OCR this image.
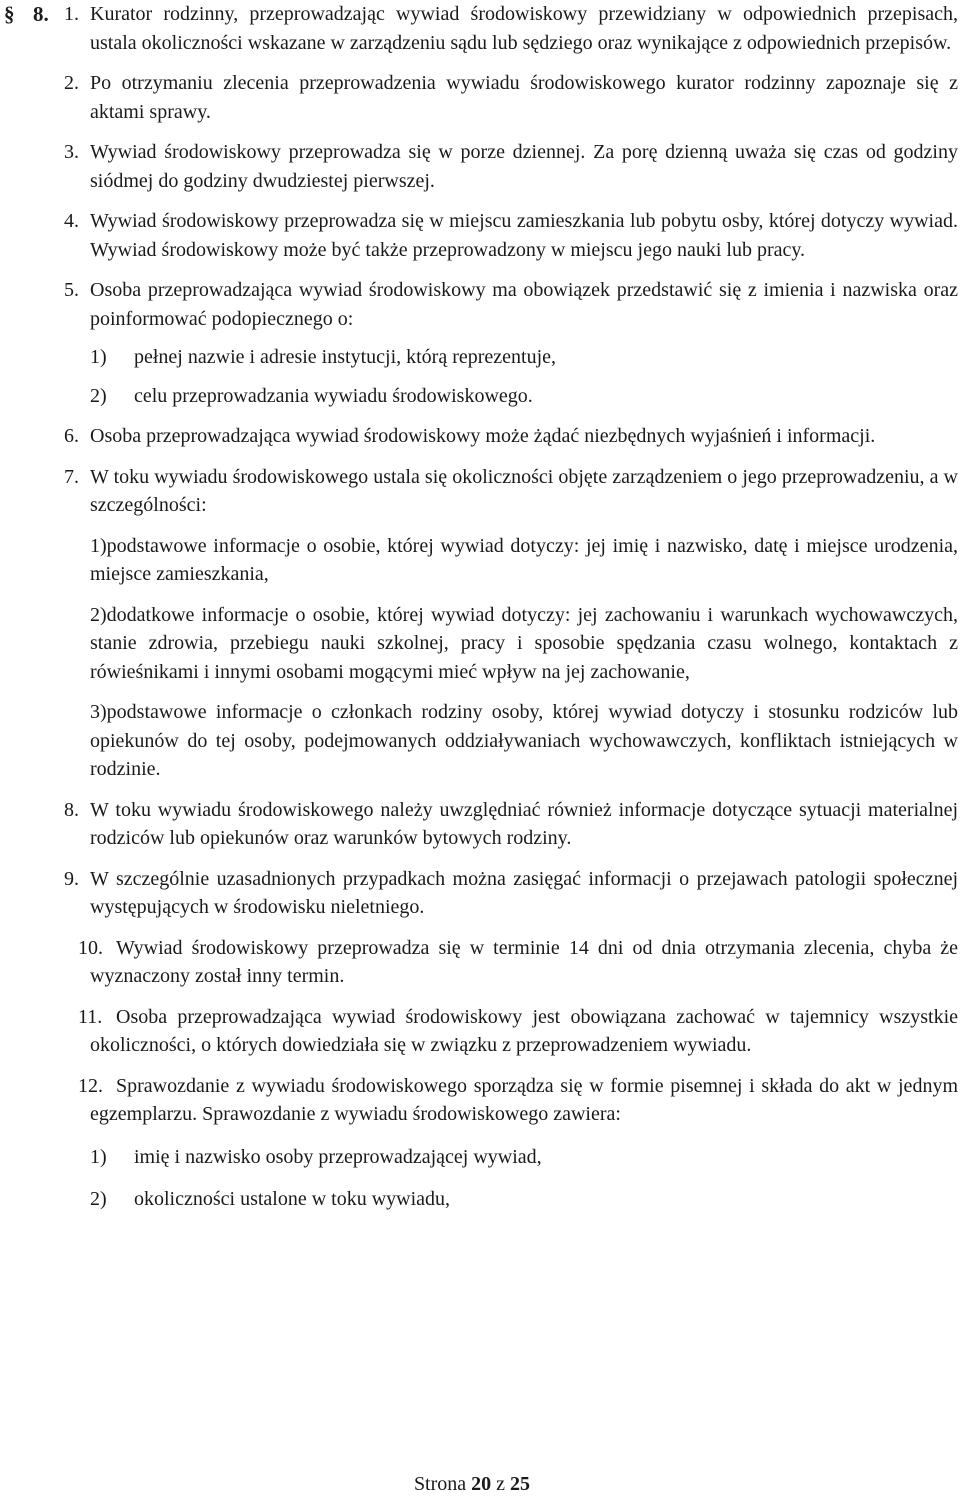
§ 8. 1. Kurator rodzinny, przeprowadzając wywiad środowiskowy przewidziany w odpowiednich przepisach, ustala okoliczności wskazane w zarządzeniu sądu lub sędziego oraz wynikające z odpowiednich przepisów.
2. Po otrzymaniu zlecenia przeprowadzenia wywiadu środowiskowego kurator rodzinny zapoznaje się z aktami sprawy.
3. Wywiad środowiskowy przeprowadza się w porze dziennej. Za porę dzienną uważa się czas od godziny siódmej do godziny dwudziestej pierwszej.
4. Wywiad środowiskowy przeprowadza się w miejscu zamieszkania lub pobytu osby, której dotyczy wywiad. Wywiad środowiskowy może być także przeprowadzony w miejscu jego nauki lub pracy.
5. Osoba przeprowadzająca wywiad środowiskowy ma obowiązek przedstawić się z imienia i nazwiska oraz poinformować podopiecznego o:
1) pełnej nazwie i adresie instytucji, którą reprezentuje,
2) celu przeprowadzania wywiadu środowiskowego.
6. Osoba przeprowadzająca wywiad środowiskowy może żądać niezbędnych wyjaśnień i informacji.
7. W toku wywiadu środowiskowego ustala się okoliczności objęte zarządzeniem o jego przeprowadzeniu, a w szczególności:

1)podstawowe informacje o osobie, której wywiad dotyczy: jej imię i nazwisko, datę i miejsce urodzenia, miejsce zamieszkania,

2)dodatkowe informacje o osobie, której wywiad dotyczy: jej zachowaniu i warunkach wychowawczych, stanie zdrowia, przebiegu nauki szkolnej, pracy i sposobie spędzania czasu wolnego, kontaktach z rówieśnikami i innymi osobami mogącymi mieć wpływ na jej zachowanie,

3)podstawowe informacje o członkach rodziny osoby, której wywiad dotyczy i stosunku rodziców lub opiekunów do tej osoby, podejmowanych oddziaływaniach wychowawczych, konfliktach istniejących w rodzinie.

8. W toku wywiadu środowiskowego należy uwzględniać również informacje dotyczące sytuacji materialnej rodziców lub opiekunów oraz warunków bytowych rodziny.
9. W szczególnie uzasadnionych przypadkach można zasięgać informacji o przejawach patologii społecznej występujących w środowisku nieletniego.
10. Wywiad środowiskowy przeprowadza się w terminie 14 dni od dnia otrzymania zlecenia, chyba że wyznaczony został inny termin.
11. Osoba przeprowadzająca wywiad środowiskowy jest obowiązana zachować w tajemnicy wszystkie okoliczności, o których dowiedziała się w związku z przeprowadzeniem wywiadu.
12. Sprawozdanie z wywiadu środowiskowego sporządza się w formie pisemnej i składa do akt w jednym egzemplarzu. Sprawozdanie z wywiadu środowiskowego zawiera:
1) imię i nazwisko osoby przeprowadzającej wywiad,
2) okoliczności ustalone w toku wywiadu,
Strona 20 z 25
